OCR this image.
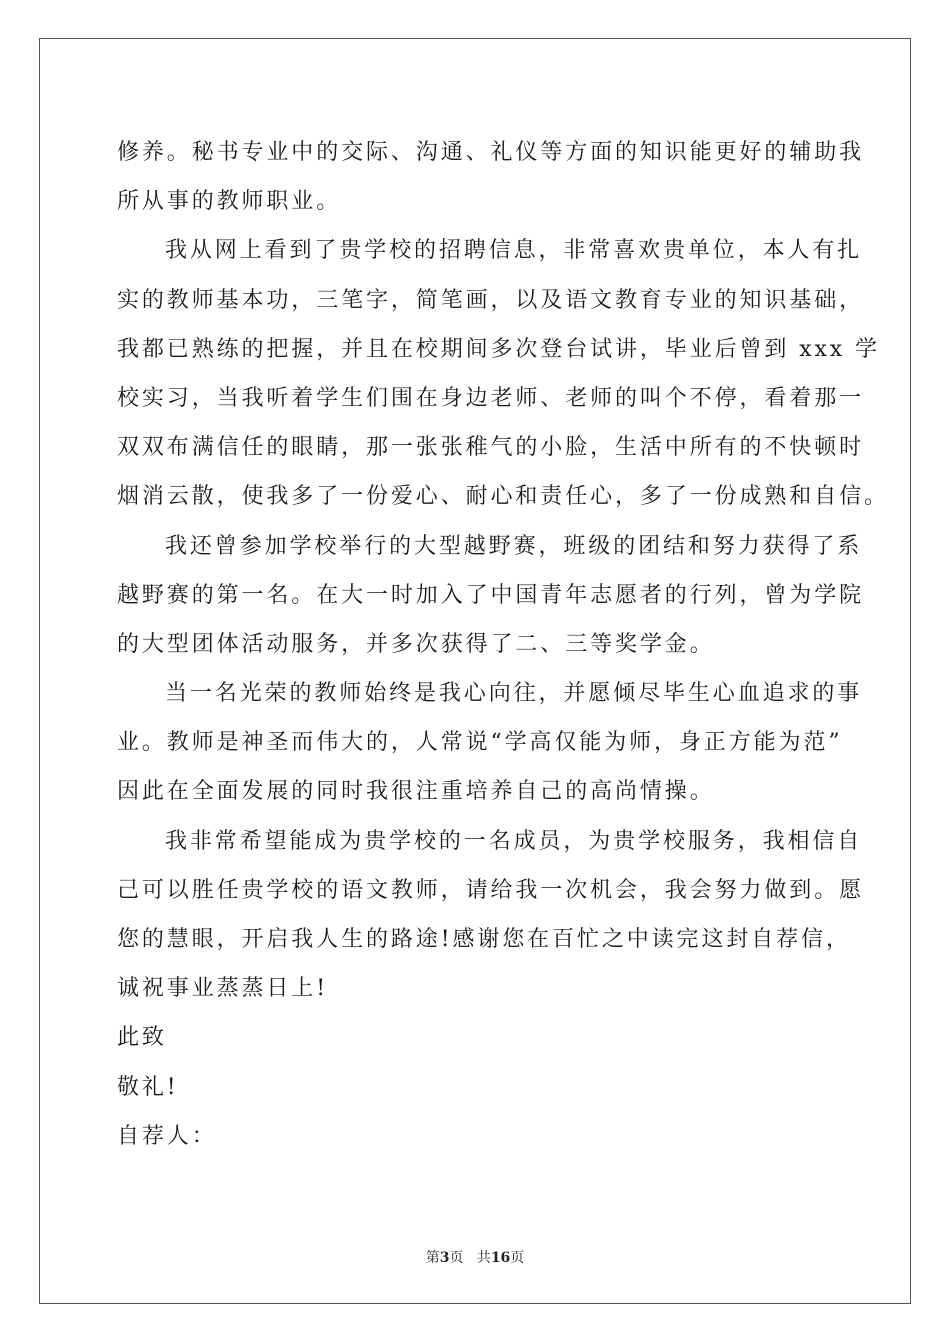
修养。秘书专业中的交际、沟通、礼仪等方面的知识能更好的辅助我
所从事的教师职业。
我从网上看到了贵学校的招聘信息，非常喜欢贵单位，本人有扎
实的教师基本功，三笔字，简笔画，以及语文教育专业的知识基础，
我都已熟练的把握，并且在校期间多次登台试讲，毕业后曾到 xxx 学
校实习，当我听着学生们围在身边老师、老师的叫个不停，看着那一
双双布满信任的眼睛，那一张张稚气的小脸，生活中所有的不快顿时
烟消云散，使我多了一份爱心、耐心和责任心，多了一份成熟和自信。
我还曾参加学校举行的大型越野赛，班级的团结和努力获得了系
越野赛的第一名。在大一时加入了中国青年志愿者的行列，曾为学院
的大型团体活动服务，并多次获得了二、三等奖学金。
当一名光荣的教师始终是我心向往，并愿倾尽毕生心血追求的事
业。教师是神圣而伟大的，人常说“学高仅能为师，身正方能为范”
因此在全面发展的同时我很注重培养自己的高尚情操。
我非常希望能成为贵学校的一名成员，为贵学校服务，我相信自
己可以胜任贵学校的语文教师，请给我一次机会，我会努力做到。愿
您的慧眼，开启我人生的路途!感谢您在百忙之中读完这封自荐信，
诚祝事业蒸蒸日上!
此致
敬礼!
自荐人：
第3页 共16页
